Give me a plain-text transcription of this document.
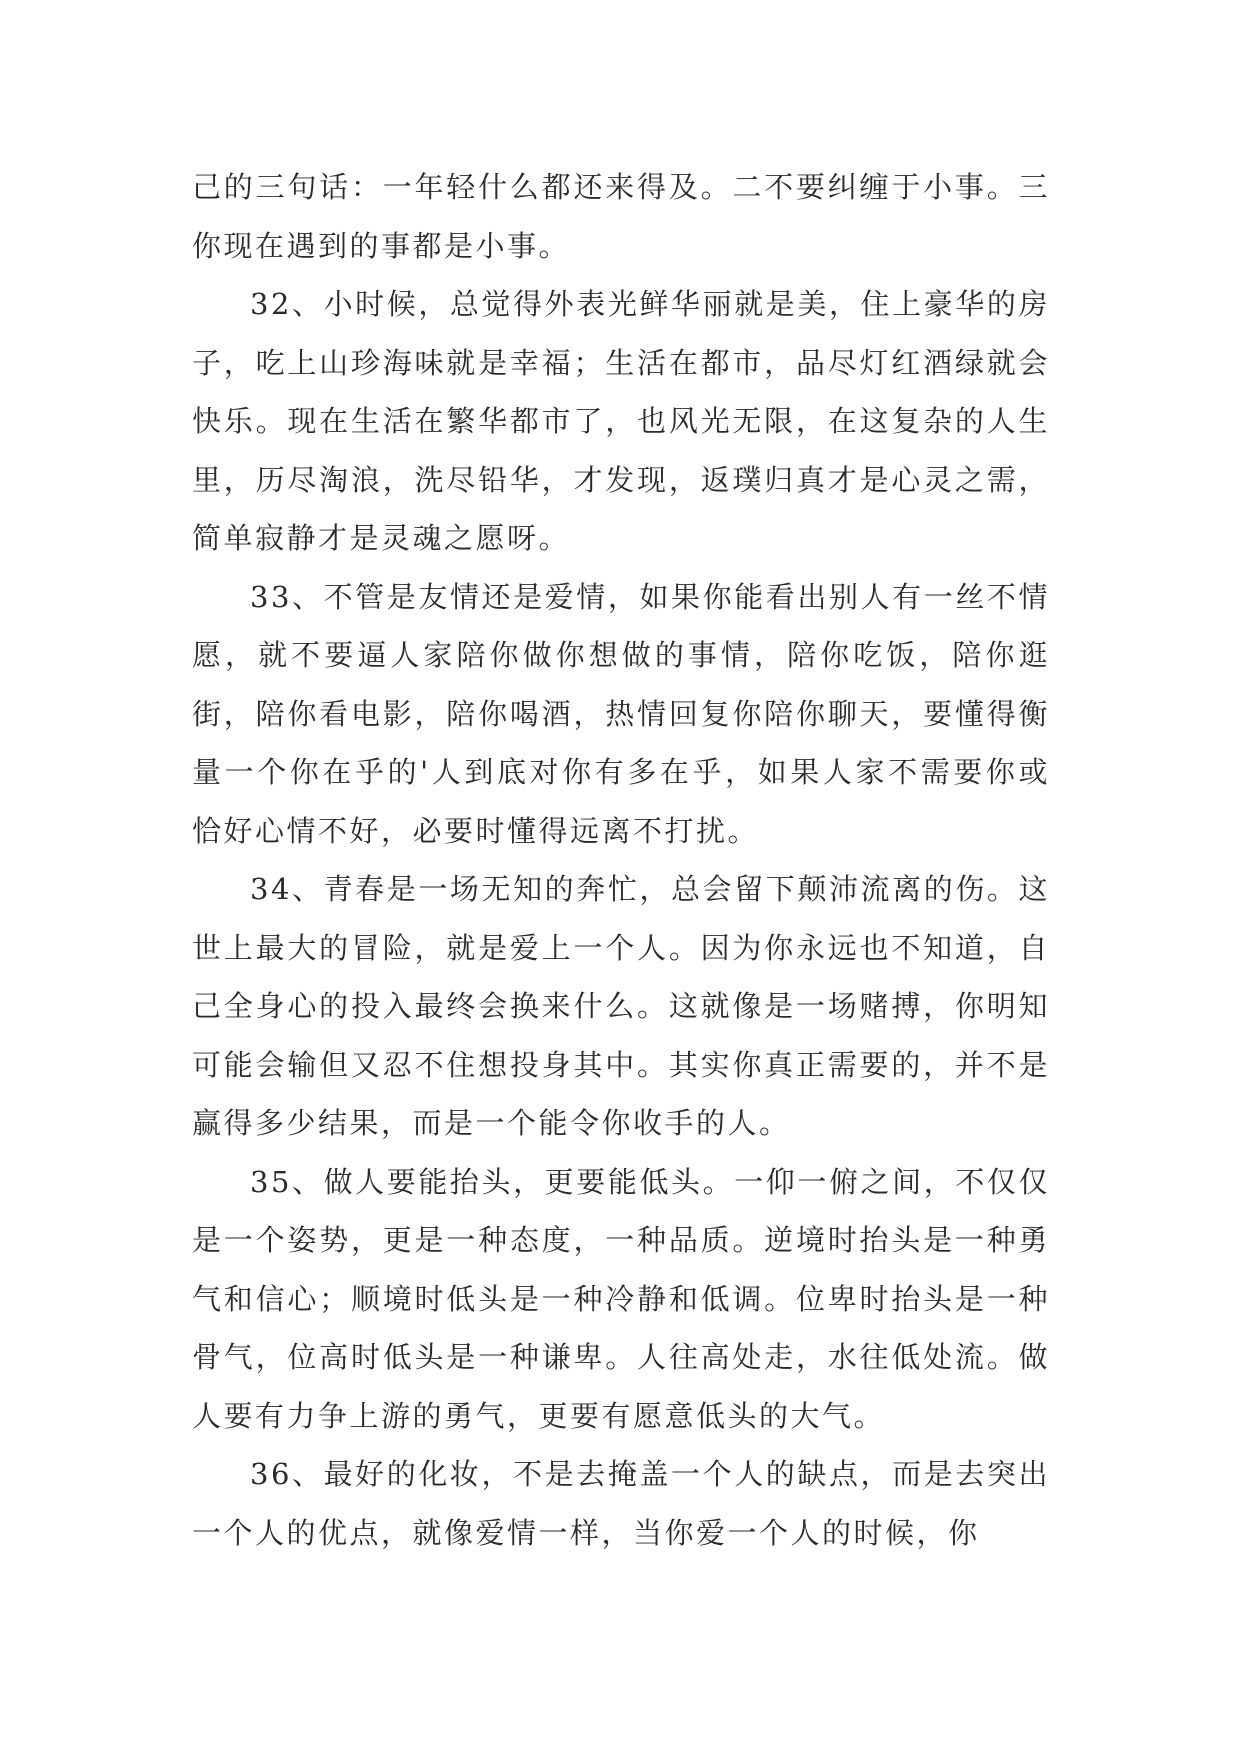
己的三句话：一年轻什么都还来得及。二不要纠缠于小事。三你现在遇到的事都是小事。

32、小时候，总觉得外表光鲜华丽就是美，住上豪华的房子，吃上山珍海味就是幸福；生活在都市，品尽灯红酒绿就会快乐。现在生活在繁华都市了，也风光无限，在这复杂的人生里，历尽淘浪，洗尽铅华，才发现，返璞归真才是心灵之需，简单寂静才是灵魂之愿呀。

33、不管是友情还是爱情，如果你能看出别人有一丝不情愿，就不要逼人家陪你做你想做的事情，陪你吃饭，陪你逛街，陪你看电影，陪你喝酒，热情回复你陪你聊天，要懂得衡量一个你在乎的'人到底对你有多在乎，如果人家不需要你或恰好心情不好，必要时懂得远离不打扰。

34、青春是一场无知的奔忙，总会留下颠沛流离的伤。这世上最大的冒险，就是爱上一个人。因为你永远也不知道，自己全身心的投入最终会换来什么。这就像是一场赌搏，你明知可能会输但又忍不住想投身其中。其实你真正需要的，并不是赢得多少结果，而是一个能令你收手的人。

35、做人要能抬头，更要能低头。一仰一俯之间，不仅仅是一个姿势，更是一种态度，一种品质。逆境时抬头是一种勇气和信心；顺境时低头是一种冷静和低调。位卑时抬头是一种骨气，位高时低头是一种谦卑。人往高处走，水往低处流。做人要有力争上游的勇气，更要有愿意低头的大气。

36、最好的化妆，不是去掩盖一个人的缺点，而是去突出一个人的优点，就像爱情一样，当你爱一个人的时候，你
